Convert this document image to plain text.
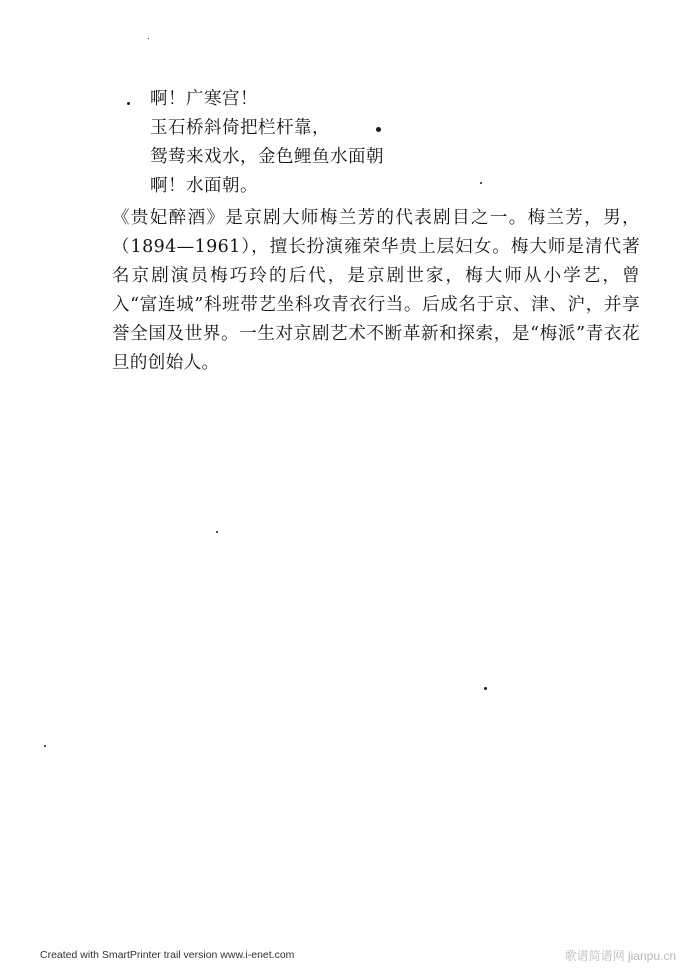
啊！广寒宫！
玉石桥斜倚把栏杆靠，
鸳鸯来戏水，金色鲤鱼水面朝
啊！水面朝。
《贵妃醉酒》是京剧大师梅兰芳的代表剧目之一。梅兰芳，男，（1894—1961），擅长扮演雍荣华贵上层妇女。梅大师是清代著名京剧演员梅巧玲的后代，是京剧世家，梅大师从小学艺，曾入“富连城”科班带艺坐科攻青衣行当。后成名于京、津、沪，并享誉全国及世界。一生对京剧艺术不断革新和探索，是“梅派”青衣花旦的创始人。
Created with SmartPrinter trail version www.i-enet.com	歌谱简谱网 jianpu.cn
